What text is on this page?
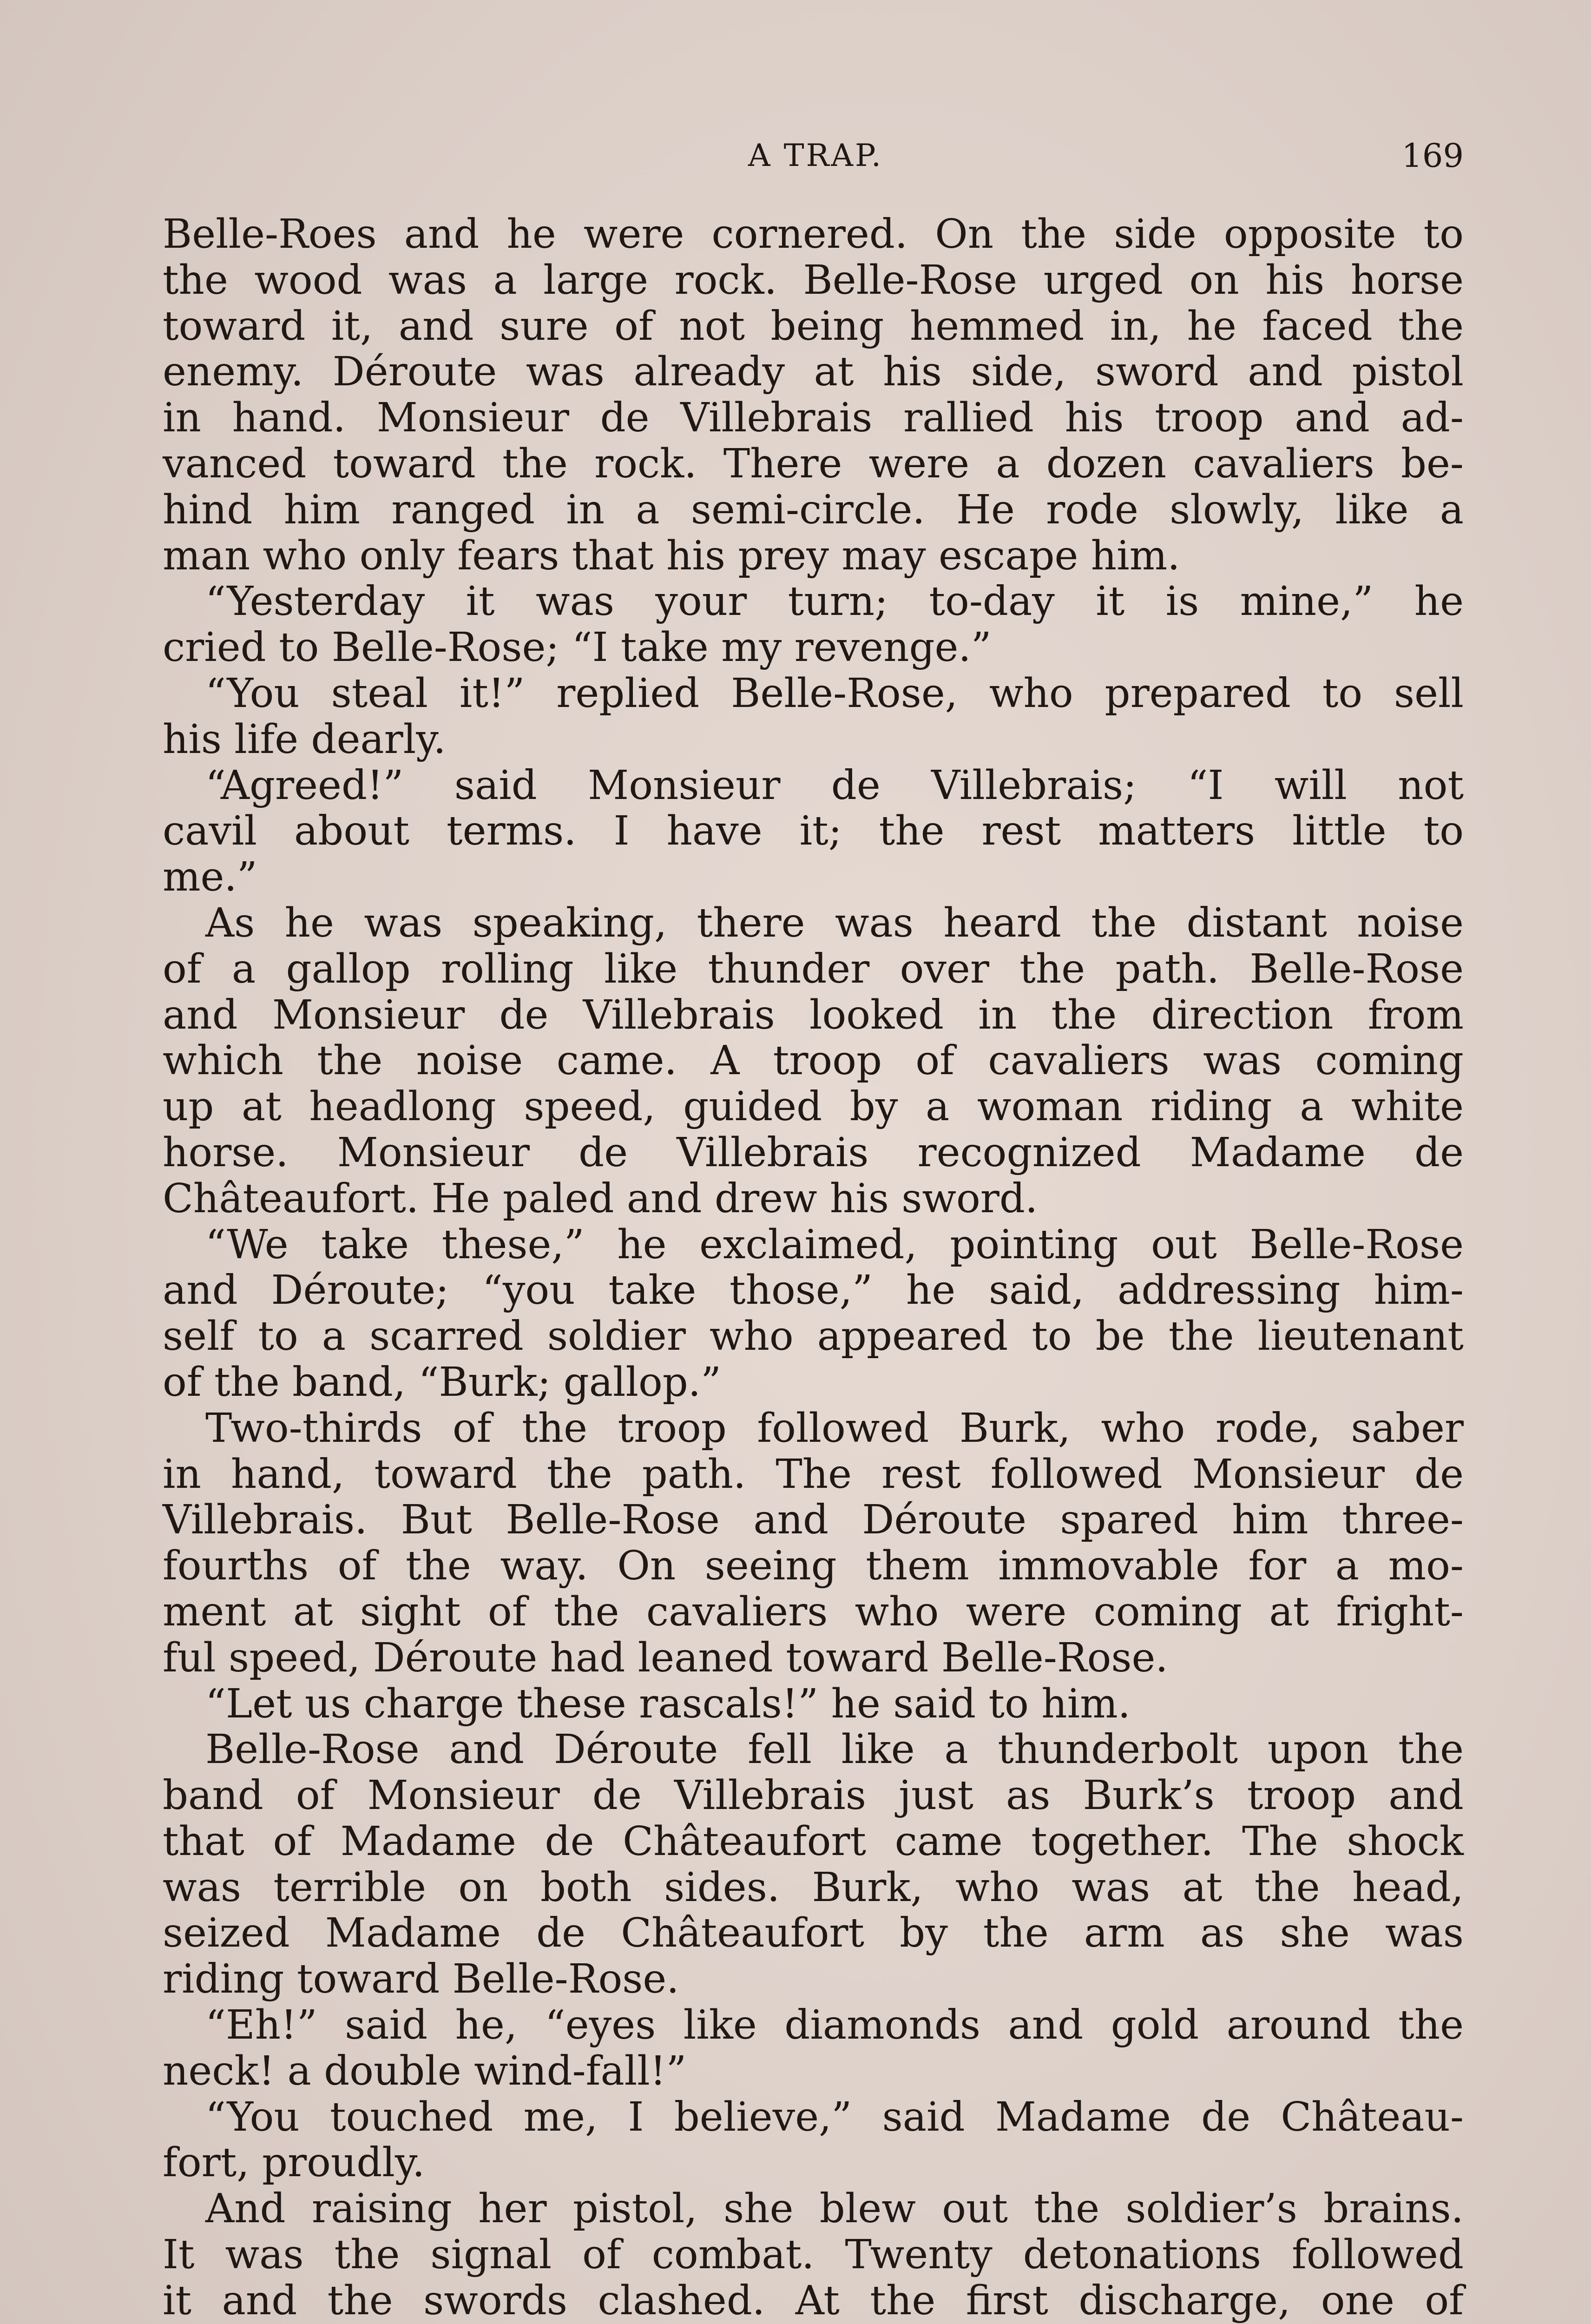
A TRAP.	169
Belle-Roes and he were cornered. On the side opposite to
the wood was a large rock. Belle-Rose urged on his horse
toward it, and sure of not being hemmed in, he faced the
enemy. Déroute was already at his side, sword and pistol
in hand. Monsieur de Villebrais rallied his troop and ad-
vanced toward the rock. There were a dozen cavaliers be-
hind him ranged in a semi-circle. He rode slowly, like a
man who only fears that his prey may escape him.
“Yesterday it was your turn; to-day it is mine,” he
cried to Belle-Rose; “I take my revenge.”
“You steal it!” replied Belle-Rose, who prepared to sell
his life dearly.
“Agreed!” said Monsieur de Villebrais; “I will not
cavil about terms. I have it; the rest matters little to
me.”
As he was speaking, there was heard the distant noise
of a gallop rolling like thunder over the path. Belle-Rose
and Monsieur de Villebrais looked in the direction from
which the noise came. A troop of cavaliers was coming
up at headlong speed, guided by a woman riding a white
horse. Monsieur de Villebrais recognized Madame de
Châteaufort. He paled and drew his sword.
“We take these,” he exclaimed, pointing out Belle-Rose
and Déroute; “you take those,” he said, addressing him-
self to a scarred soldier who appeared to be the lieutenant
of the band, “Burk; gallop.”
Two-thirds of the troop followed Burk, who rode, saber
in hand, toward the path. The rest followed Monsieur de
Villebrais. But Belle-Rose and Déroute spared him three-
fourths of the way. On seeing them immovable for a mo-
ment at sight of the cavaliers who were coming at fright-
ful speed, Déroute had leaned toward Belle-Rose.
“Let us charge these rascals!” he said to him.
Belle-Rose and Déroute fell like a thunderbolt upon the
band of Monsieur de Villebrais just as Burk’s troop and
that of Madame de Châteaufort came together. The shock
was terrible on both sides. Burk, who was at the head,
seized Madame de Châteaufort by the arm as she was
riding toward Belle-Rose.
“Eh!” said he, “eyes like diamonds and gold around the
neck! a double wind-fall!”
“You touched me, I believe,” said Madame de Château-
fort, proudly.
And raising her pistol, she blew out the soldier’s brains.
It was the signal of combat. Twenty detonations followed
it and the swords clashed. At the first discharge, one of
